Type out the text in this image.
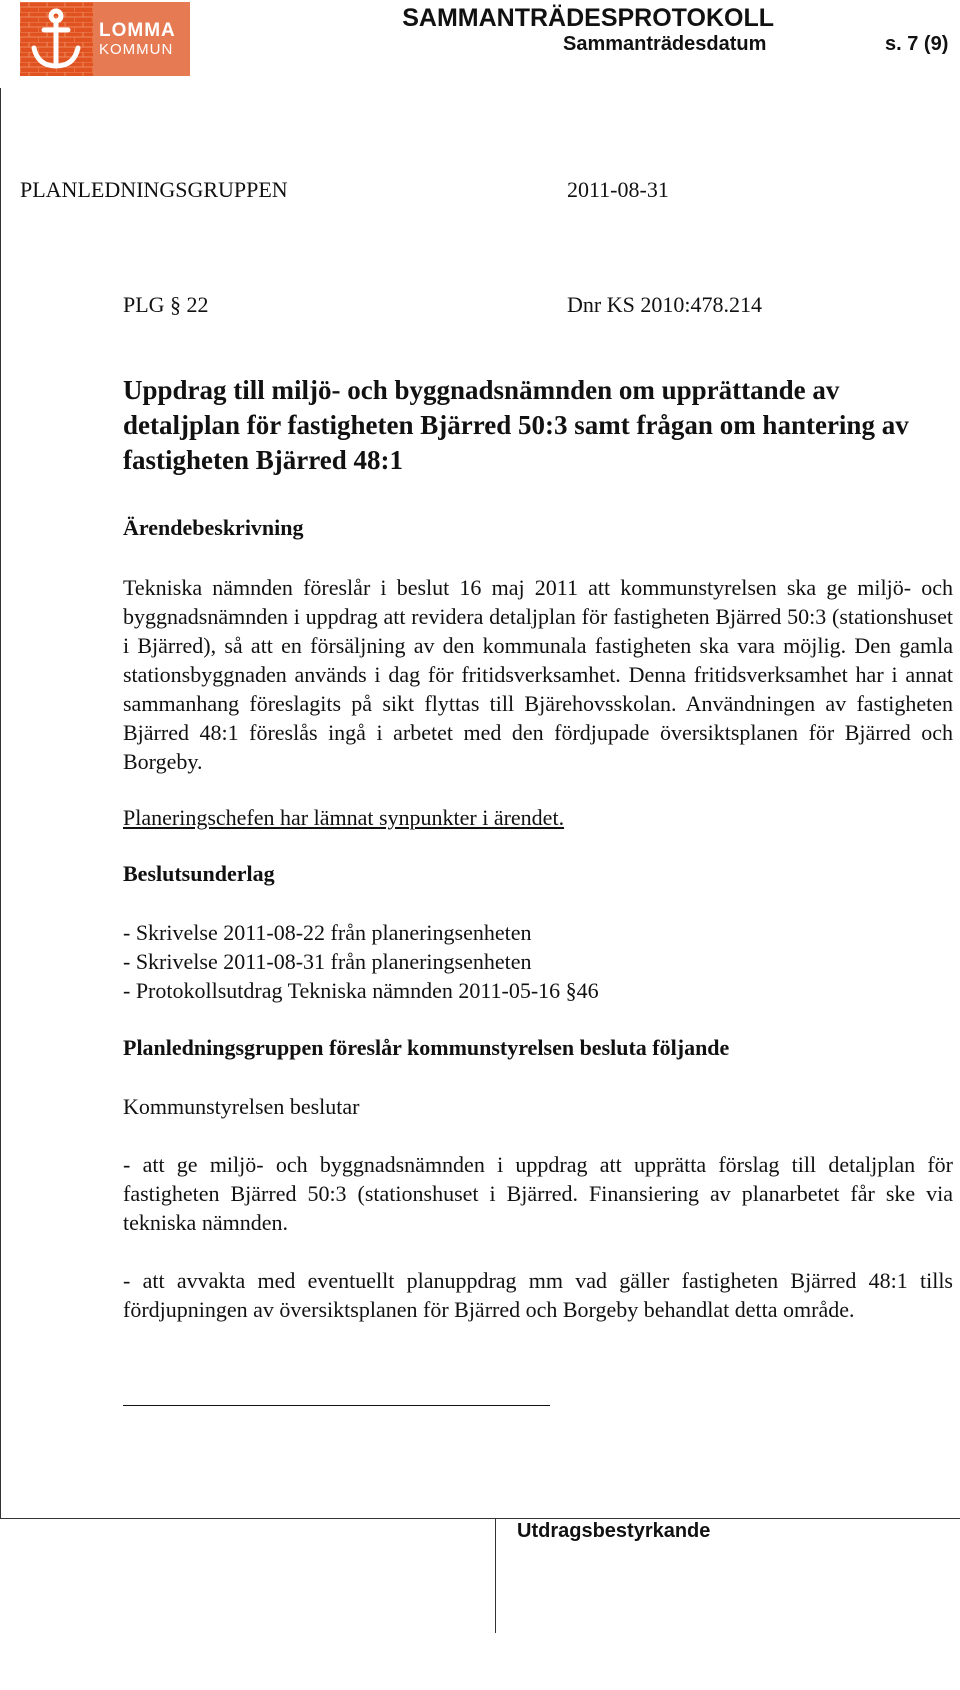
LOMMA
KOMMUN
SAMMANTRÄDESPROTOKOLL
Sammanträdesdatum	s. 7 (9)
PLANLEDNINGSGRUPPEN	2011-08-31
PLG § 22	Dnr KS 2010:478.214
Uppdrag till miljö- och byggnadsnämnden om upprättande av detaljplan för fastigheten Bjärred 50:3 samt frågan om hantering av fastigheten Bjärred 48:1
Ärendebeskrivning

Tekniska nämnden föreslår i beslut 16 maj 2011 att kommunstyrelsen ska ge miljö- och byggnadsnämnden i uppdrag att revidera detaljplan för fastigheten Bjärred 50:3 (stationshuset i Bjärred), så att en försäljning av den kommunala fastigheten ska vara möjlig. Den gamla stationsbyggnaden används i dag för fritidsverksamhet. Denna fritidsverksamhet har i annat sammanhang föreslagits på sikt flyttas till Bjärehovsskolan. Användningen av fastigheten Bjärred 48:1 föreslås ingå i arbetet med den fördjupade översiktsplanen för Bjärred och Borgeby.

Planeringschefen har lämnat synpunkter i ärendet.

Beslutsunderlag

- Skrivelse 2011-08-22 från planeringsenheten

- Skrivelse 2011-08-31 från planeringsenheten

- Protokollsutdrag Tekniska nämnden 2011-05-16 §46

Planledningsgruppen föreslår kommunstyrelsen besluta följande

Kommunstyrelsen beslutar

- att ge miljö- och byggnadsnämnden i uppdrag att upprätta förslag till detaljplan för fastigheten Bjärred 50:3 (stationshuset i Bjärred. Finansiering av planarbetet får ske via tekniska nämnden.

- att avvakta med eventuellt planuppdrag mm vad gäller fastigheten Bjärred 48:1 tills fördjupningen av översiktsplanen för Bjärred och Borgeby behandlat detta område.

Utdragsbestyrkande
